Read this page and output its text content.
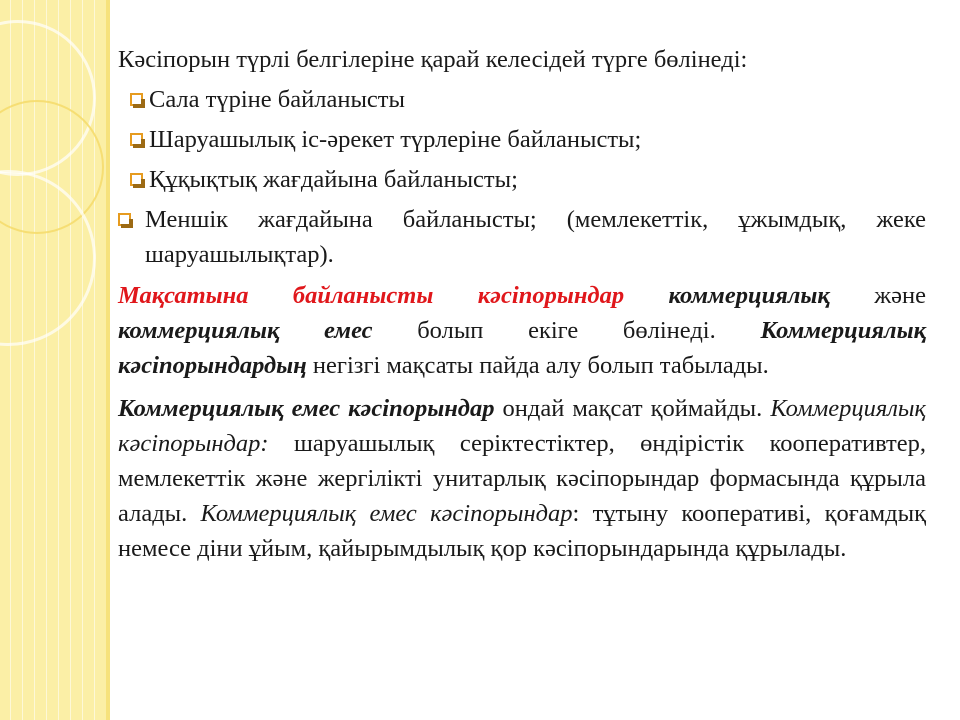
Кәсіпорын түрлі белгілеріне қарай келесідей түрге бөлінеді:

Сала түріне байланысты
Шаруашылық іс-әрекет түрлеріне байланысты;
Құқықтық жағдайына байланысты;
Меншік жағдайына байланысты; (мемлекеттік, ұжымдық, жеке шаруашылықтар).

Мақсатына байланысты кәсіпорындар коммерциялық және коммерциялық емес болып екіге бөлінеді. Коммерциялық кәсіпорындардың негізгі мақсаты пайда алу болып табылады.

Коммерциялық емес кәсіпорындар ондай мақсат қоймайды. Коммерциялық кәсіпорындар: шаруашылық серіктестіктер, өндірістік кооперативтер, мемлекеттік және жергілікті унитарлық кәсіпорындар формасында құрыла алады. Коммерциялық емес кәсіпорындар: тұтыну кооперативі, қоғамдық немесе діни ұйым, қайырымдылық қор кәсіпорындарында құрылады.
